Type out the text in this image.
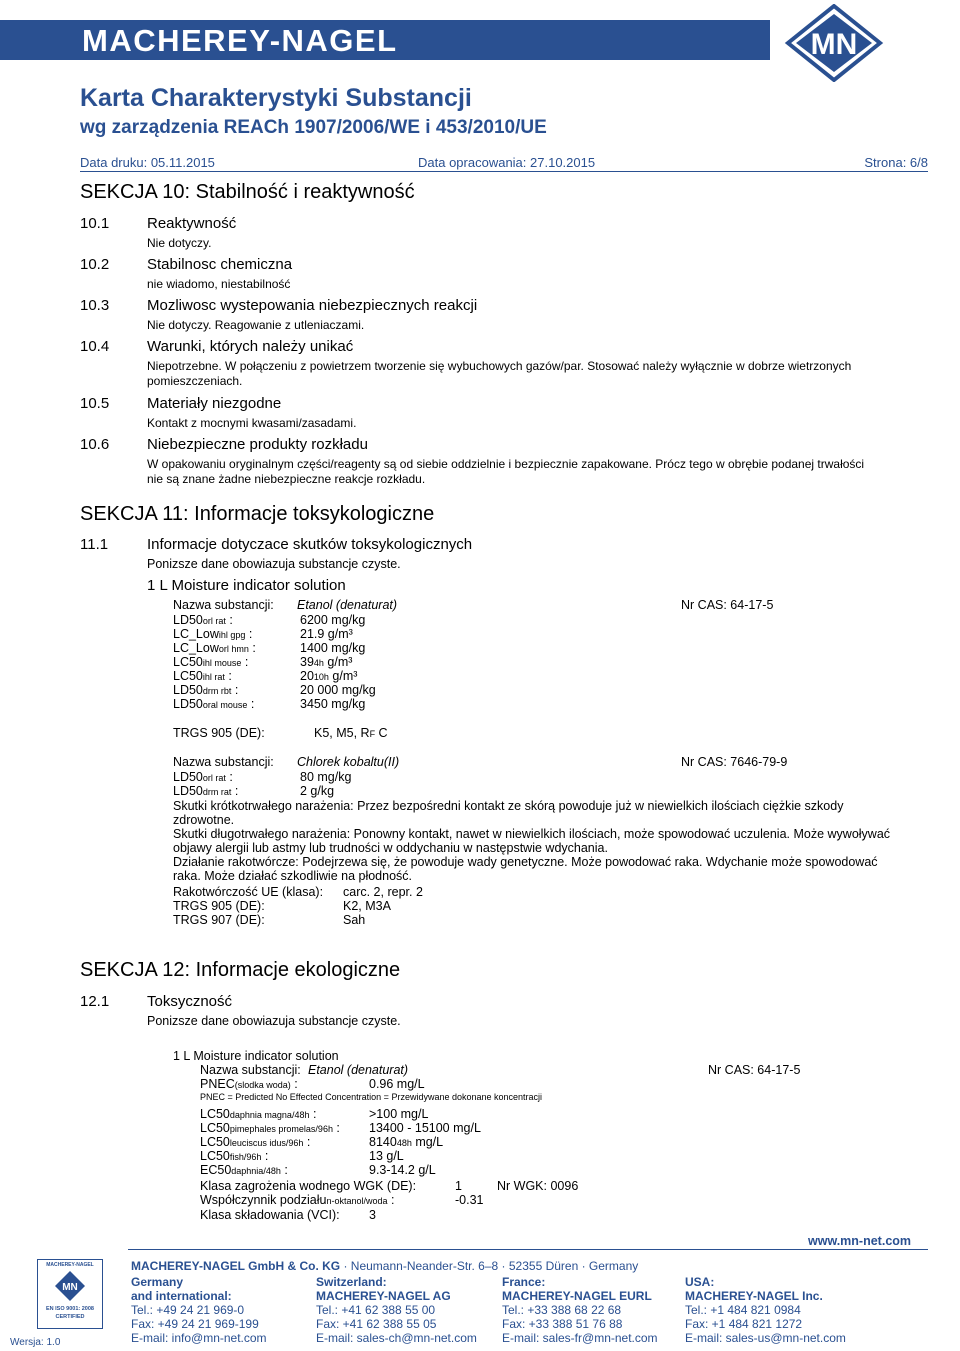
MACHEREY-NAGEL	MN
Karta Charakterystyki Substancji
wg zarządzenia REACh 1907/2006/WE i 453/2010/UE
Data druku: 05.11.2015	Data opracowania: 27.10.2015	Strona: 6/8
SEKCJA 10: Stabilność i reaktywność
10.1	Reaktywność
Nie dotyczy.
10.2	Stabilnosc chemiczna
nie wiadomo, niestabilność
10.3	Mozliwosc wystepowania niebezpiecznych reakcji
Nie dotyczy. Reagowanie z utleniaczami.
10.4	Warunki, których należy unikać
Niepotrzebne. W połączeniu z powietrzem tworzenie się wybuchowych gazów/par. Stosować należy wyłącznie w dobrze wietrzonych
pomieszczeniach.
10.5	Materiały niezgodne
Kontakt z mocnymi kwasami/zasadami.
10.6	Niebezpieczne produkty rozkładu
W opakowaniu oryginalnym części/reagenty są od siebie oddzielnie i bezpiecznie zapakowane. Prócz tego w obrębie podanej trwałości
nie są znane żadne niebezpieczne reakcje rozkładu.
SEKCJA 11: Informacje toksykologiczne
11.1	Informacje dotyczace skutków toksykologicznych
Ponizsze dane obowiazuja substancje czyste.
1 L Moisture indicator solution
Nazwa substancji: Etanol (denaturat)	Nr CAS: 64-17-5
LD50orl rat :	6200 mg/kg
LC_Lowihl gpg :	21.9 g/m³
LC_Loworl hmn :	1400 mg/kg
LC50ihl mouse :	394h g/m³
LC50ihl rat :	2010h g/m³
LD50drm rbt :	20 000 mg/kg
LD50oral mouse :	3450 mg/kg
TRGS 905 (DE):	K5, M5, RF C
Nazwa substancji: Chlorek kobaltu(II)	Nr CAS: 7646-79-9
LD50orl rat :	80 mg/kg
LD50drm rat :	2 g/kg
Skutki krótkotrwałego narażenia: Przez bezpośredni kontakt ze skórą powoduje już w niewielkich ilościach ciężkie szkody
zdrowotne.
Skutki długotrwałego narażenia: Ponowny kontakt, nawet w niewielkich ilościach, może spowodować uczulenia. Może wywoływać
objawy alergii lub astmy lub trudności w oddychaniu w następstwie wdychania.
Działanie rakotwórcze: Podejrzewa się, że powoduje wady genetyczne. Może powodować raka. Wdychanie może spowodować
raka. Może działać szkodliwie na płodność.
Rakotwórczość UE (klasa): carc. 2, repr. 2
TRGS 905 (DE):	K2, M3A
TRGS 907 (DE):	Sah
SEKCJA 12: Informacje ekologiczne
12.1	Toksyczność
Ponizsze dane obowiazuja substancje czyste.
1 L Moisture indicator solution
Nazwa substancji: Etanol (denaturat)	Nr CAS: 64-17-5
PNEC(slodka woda) :	0.96 mg/L
PNEC = Predicted No Effected Concentration = Przewidywane dokonane koncentracji
LC50daphnia magna/48h :	>100 mg/L
LC50pimephales promelas/96h : 13400 - 15100 mg/L
LC50leuciscus idus/96h :	814048h mg/L
LC50fish/96h :	13 g/L
EC50daphnia/48h :	9.3-14.2 g/L
Klasa zagrożenia wodnego WGK (DE):	1	Nr WGK: 0096
Współczynnik podziałun-oktanol/woda :	-0.31
Klasa składowania (VCI): 3
www.mn-net.com
MACHEREY-NAGEL
MN
EN ISO 9001: 2008
CERTIFIED
Wersja: 1.0
MACHEREY-NAGEL GmbH & Co. KG · Neumann-Neander-Str. 6–8 · 52355 Düren · Germany
Germany
and international:
Tel.: +49 24 21 969-0
Fax: +49 24 21 969-199
E-mail: info@mn-net.com
Switzerland:
MACHEREY-NAGEL AG
Tel.: +41 62 388 55 00
Fax: +41 62 388 55 05
E-mail: sales-ch@mn-net.com
France:
MACHEREY-NAGEL EURL
Tel.: +33 388 68 22 68
Fax: +33 388 51 76 88
E-mail: sales-fr@mn-net.com
USA:
MACHEREY-NAGEL Inc.
Tel.: +1 484 821 0984
Fax: +1 484 821 1272
E-mail: sales-us@mn-net.com
